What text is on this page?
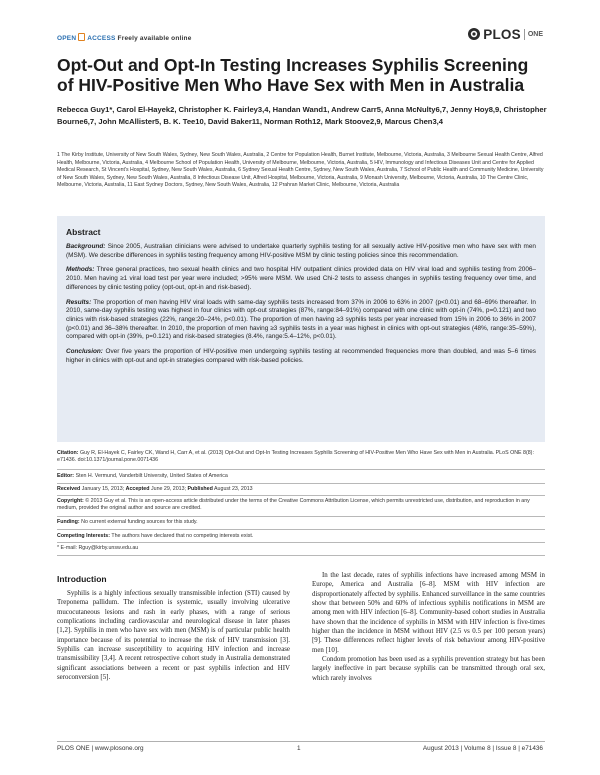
OPEN ACCESS Freely available online	PLOS ONE
Opt-Out and Opt-In Testing Increases Syphilis Screening of HIV-Positive Men Who Have Sex with Men in Australia
Rebecca Guy1*, Carol El-Hayek2, Christopher K. Fairley3,4, Handan Wand1, Andrew Carr5, Anna McNulty6,7, Jenny Hoy8,9, Christopher Bourne6,7, John McAllister5, B. K. Tee10, David Baker11, Norman Roth12, Mark Stoove2,9, Marcus Chen3,4
1 The Kirby Institute, University of New South Wales, Sydney, New South Wales, Australia, 2 Centre for Population Health, Burnet Institute, Melbourne, Victoria, Australia, 3 Melbourne Sexual Health Centre, Alfred Health, Melbourne, Victoria, Australia, 4 Melbourne School of Population Health, University of Melbourne, Melbourne, Victoria, Australia, 5 HIV, Immunology and Infectious Diseases Unit and Centre for Applied Medical Research, St Vincent's Hospital, Sydney, New South Wales, Australia, 6 Sydney Sexual Health Centre, Sydney, New South Wales, Australia, 7 School of Public Health and Community Medicine, University of New South Wales, Sydney, New South Wales, Australia, 8 Infectious Disease Unit, Alfred Hospital, Melbourne, Victoria, Australia, 9 Monash University, Melbourne, Victoria, Australia, 10 The Centre Clinic, Melbourne, Victoria, Australia, 11 East Sydney Doctors, Sydney, New South Wales, Australia, 12 Prahran Market Clinic, Melbourne, Victoria, Australia
Abstract

Background: Since 2005, Australian clinicians were advised to undertake quarterly syphilis testing for all sexually active HIV-positive men who have sex with men (MSM). We describe differences in syphilis testing frequency among HIV-positive MSM by clinic testing policies since this recommendation.

Methods: Three general practices, two sexual health clinics and two hospital HIV outpatient clinics provided data on HIV viral load and syphilis testing from 2006–2010. Men having ≥1 viral load test per year were included; >95% were MSM. We used Chi-2 tests to assess changes in syphilis testing frequency over time, and differences by clinic testing policy (opt-out, opt-in and risk-based).

Results: The proportion of men having HIV viral loads with same-day syphilis tests increased from 37% in 2006 to 63% in 2007 (p<0.01) and 68–69% thereafter. In 2010, same-day syphilis testing was highest in four clinics with opt-out strategies (87%, range:84–91%) compared with one clinic with opt-in (74%, p=0.121) and two clinics with risk-based strategies (22%, range:20–24%, p<0.01). The proportion of men having ≥3 syphilis tests per year increased from 15% in 2006 to 36% in 2007 (p<0.01) and 36–38% thereafter. In 2010, the proportion of men having ≥3 syphilis tests in a year was highest in clinics with opt-out strategies (48%, range:35–59%), compared with opt-in (39%, p=0.121) and risk-based strategies (8.4%, range:5.4–12%, p<0.01).

Conclusion: Over five years the proportion of HIV-positive men undergoing syphilis testing at recommended frequencies more than doubled, and was 5–6 times higher in clinics with opt-out and opt-in strategies compared with risk-based policies.

Citation: Guy R, El-Hayek C, Fairley CK, Wand H, Carr A, et al. (2013) Opt-Out and Opt-In Testing Increases Syphilis Screening of HIV-Positive Men Who Have Sex with Men in Australia. PLoS ONE 8(8): e71436. doi:10.1371/journal.pone.0071436
Editor: Sten H. Vermund, Vanderbilt University, United States of America
Received January 15, 2013; Accepted June 29, 2013; Published August 23, 2013
Copyright: © 2013 Guy et al. This is an open-access article distributed under the terms of the Creative Commons Attribution License, which permits unrestricted use, distribution, and reproduction in any medium, provided the original author and source are credited.
Funding: No current external funding sources for this study.
Competing Interests: The authors have declared that no competing interests exist.
* E-mail: Rguy@kirby.unsw.edu.au
Introduction

Syphilis is a highly infectious sexually transmissible infection (STI) caused by Treponema pallidum. The infection is systemic, usually involving ulcerative mucocutaneous lesions and rash in early phases, with a range of serious complications including cardiovascular and neurological disease in later phases [1,2]. Syphilis in men who have sex with men (MSM) is of particular public health importance because of its potential to increase the risk of HIV transmission [3]. Syphilis can increase susceptibility to acquiring HIV infection and increase transmissibility [3,4]. A recent retrospective cohort study in Australia demonstrated significant associations between a recent or past syphilis infection and HIV seroconversion [5].

In the last decade, rates of syphilis infections have increased among MSM in Europe, America and Australia [6–8]. MSM with HIV infection are disproportionately affected by syphilis. Enhanced surveillance in the same countries show that between 50% and 60% of infectious syphilis notifications in MSM are among men with HIV infection [6–8]. Community-based cohort studies in Australia have shown that the incidence of syphilis in MSM with HIV infection is five-times higher than the incidence in MSM without HIV (2.5 vs 0.5 per 100 person years) [9]. These differences reflect higher levels of risk behaviour among HIV-positive men [10].

Condom promotion has been used as a syphilis prevention strategy but has been largely ineffective in part because syphilis can be transmitted through oral sex, which rarely involves

PLOS ONE | www.plosone.org	1	August 2013 | Volume 8 | Issue 8 | e71436
